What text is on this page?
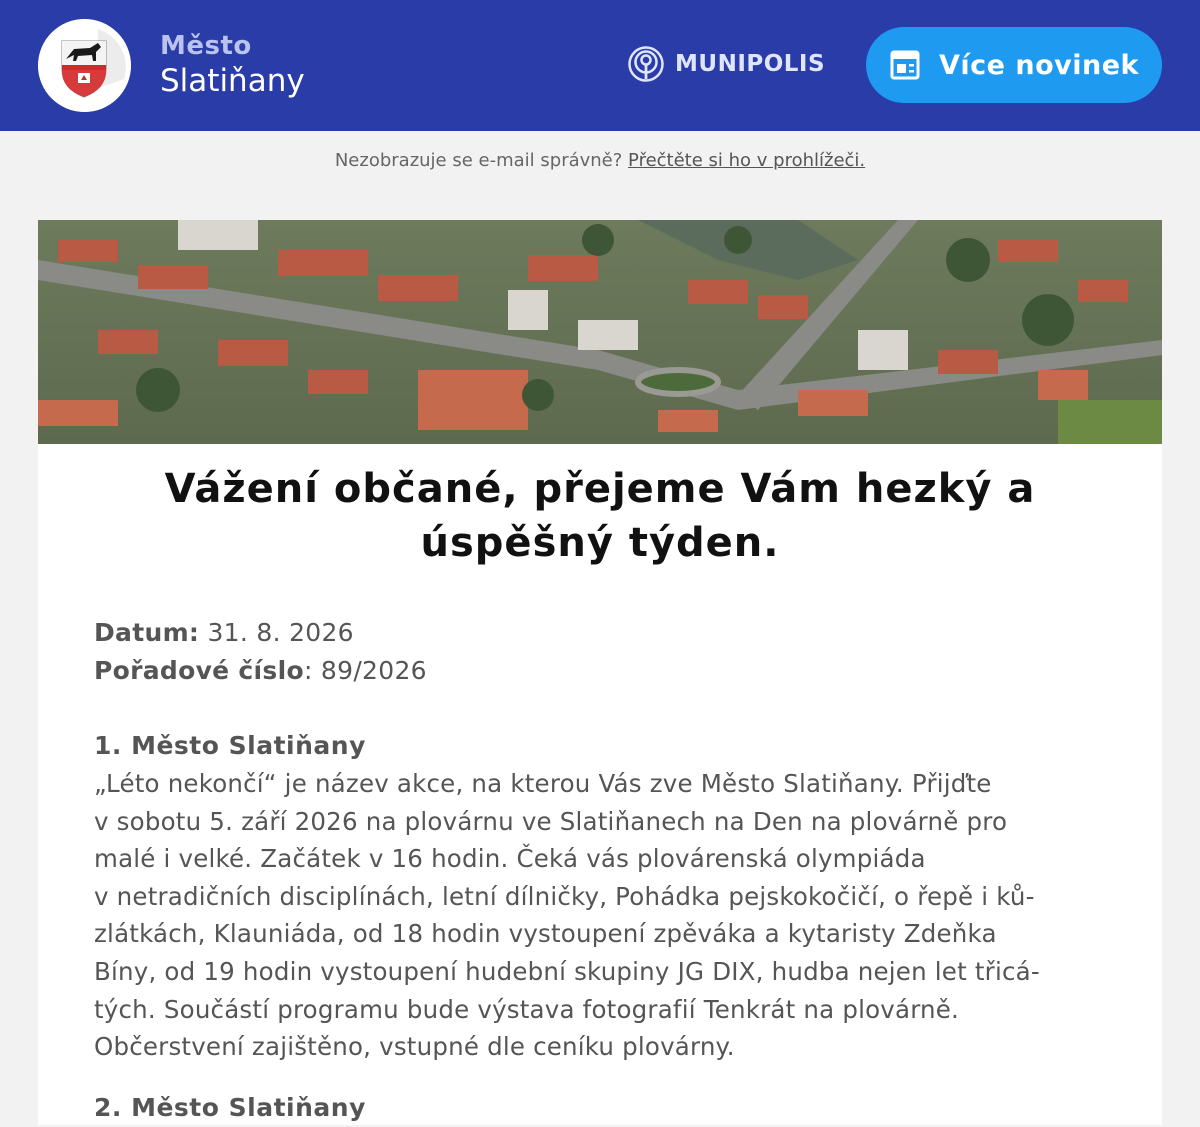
Město
Slatiňany	MUNIPOLIS	Více novinek
Nezobrazuje se e-mail správně? Přečtěte si ho v prohlížeči.
Vážení občané, přejeme Vám hezký a úspěšný týden.
Datum: 31. 8. 2026
Pořadové číslo: 89/2026
1. Město Slatiňany

„Léto nekončí“ je název akce, na kterou Vás zve Město Slatiňany. Přijďte
v sobotu 5. září 2026 na plovárnu ve Slatiňanech na Den na plovárně pro
malé i velké. Začátek v 16 hodin. Čeká vás plovárenská olympiáda
v netradičních disciplínách, letní dílničky, Pohádka pejskokočičí, o řepě i ků-
zlátkách, Klauniáda, od 18 hodin vystoupení zpěváka a kytaristy Zdeňka
Bíny, od 19 hodin vystoupení hudební skupiny JG DIX, hudba nejen let třicá-
tých. Součástí programu bude výstava fotografií Tenkrát na plovárně.
Občerstvení zajištěno, vstupné dle ceníku plovárny.

2. Město Slatiňany
